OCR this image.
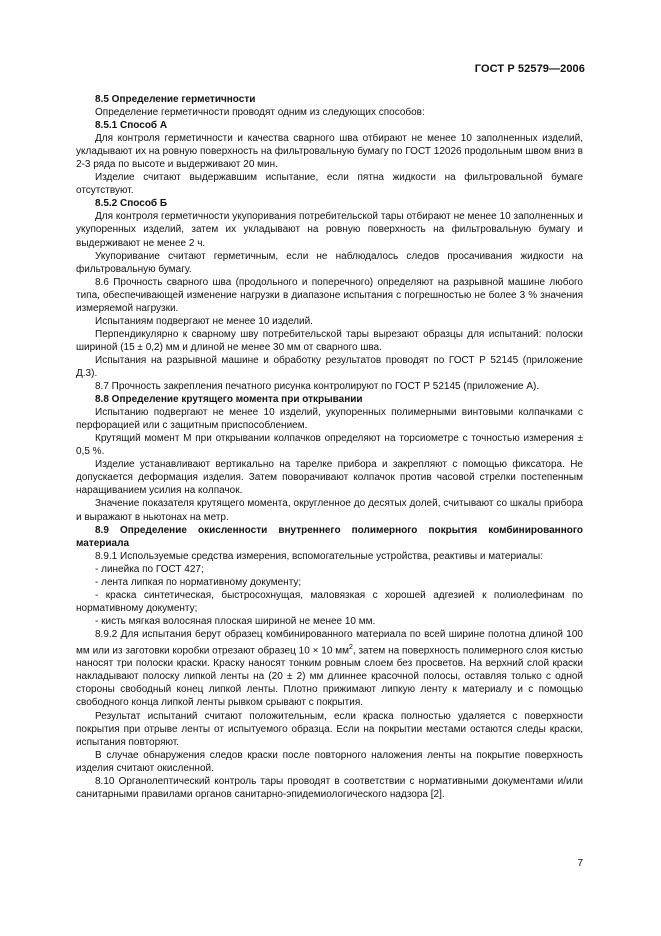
ГОСТ Р 52579—2006

8.5 Определение герметичности

Определение герметичности проводят одним из следующих способов:

8.5.1 Способ А

Для контроля герметичности и качества сварного шва отбирают не менее 10 заполненных изделий, укладывают их на ровную поверхность на фильтровальную бумагу по ГОСТ 12026 продольным швом вниз в 2-3 ряда по высоте и выдерживают 20 мин.

Изделие считают выдержавшим испытание, если пятна жидкости на фильтровальной бумаге отсутствуют.

8.5.2 Способ Б

Для контроля герметичности укупоривания потребительской тары отбирают не менее 10 заполненных и укупоренных изделий, затем их укладывают на ровную поверхность на фильтровальную бумагу и выдерживают не менее 2 ч.

Укупоривание считают герметичным, если не наблюдалось следов просачивания жидкости на фильтровальную бумагу.

8.6 Прочность сварного шва (продольного и поперечного) определяют на разрывной машине любого типа, обеспечивающей изменение нагрузки в диапазоне испытания с погрешностью не более 3 % значения измеряемой нагрузки.

Испытаниям подвергают не менее 10 изделий.

Перпендикулярно к сварному шву потребительской тары вырезают образцы для испытаний: полоски шириной (15 ± 0,2) мм и длиной не менее 30 мм от сварного шва.

Испытания на разрывной машине и обработку результатов проводят по ГОСТ Р 52145 (приложение Д.3).

8.7 Прочность закрепления печатного рисунка контролируют по ГОСТ Р 52145 (приложение А).

8.8 Определение крутящего момента при открывании

Испытанию подвергают не менее 10 изделий, укупоренных полимерными винтовыми колпачками с перфорацией или с защитным приспособлением.

Крутящий момент М при открывании колпачков определяют на торсиометре с точностью измерения ± 0,5 %.

Изделие устанавливают вертикально на тарелке прибора и закрепляют с помощью фиксатора. Не допускается деформация изделия. Затем поворачивают колпачок против часовой стрелки постепенным наращиванием усилия на колпачок.

Значение показателя крутящего момента, округленное до десятых долей, считывают со шкалы прибора и выражают в ньютонах на метр.

8.9 Определение окисленности внутреннего полимерного покрытия комбинированного материала

8.9.1 Используемые средства измерения, вспомогательные устройства, реактивы и материалы:

- линейка по ГОСТ 427;

- лента липкая по нормативному документу;

- краска синтетическая, быстросохнущая, маловязкая с хорошей адгезией к полиолефинам по нормативному документу;

- кисть мягкая волосяная плоская шириной не менее 10 мм.

8.9.2 Для испытания берут образец комбинированного материала по всей ширине полотна длиной 100 мм или из заготовки коробки отрезают образец 10 × 10 $мм^2$, затем на поверхность полимерного слоя кистью наносят три полоски краски. Краску наносят тонким ровным слоем без просветов. На верхний слой краски накладывают полоску липкой ленты на (20 ± 2) мм длиннее красочной полосы, оставляя только с одной стороны свободный конец липкой ленты. Плотно прижимают липкую ленту к материалу и с помощью свободного конца липкой ленты рывком срывают с покрытия.

Результат испытаний считают положительным, если краска полностью удаляется с поверхности покрытия при отрыве ленты от испытуемого образца. Если на покрытии местами остаются следы краски, испытания повторяют.

В случае обнаружения следов краски после повторного наложения ленты на покрытие поверхность изделия считают окисленной.

8.10 Органолептический контроль тары проводят в соответствии с нормативными документами и/или санитарными правилами органов санитарно-эпидемиологического надзора [2].

7
